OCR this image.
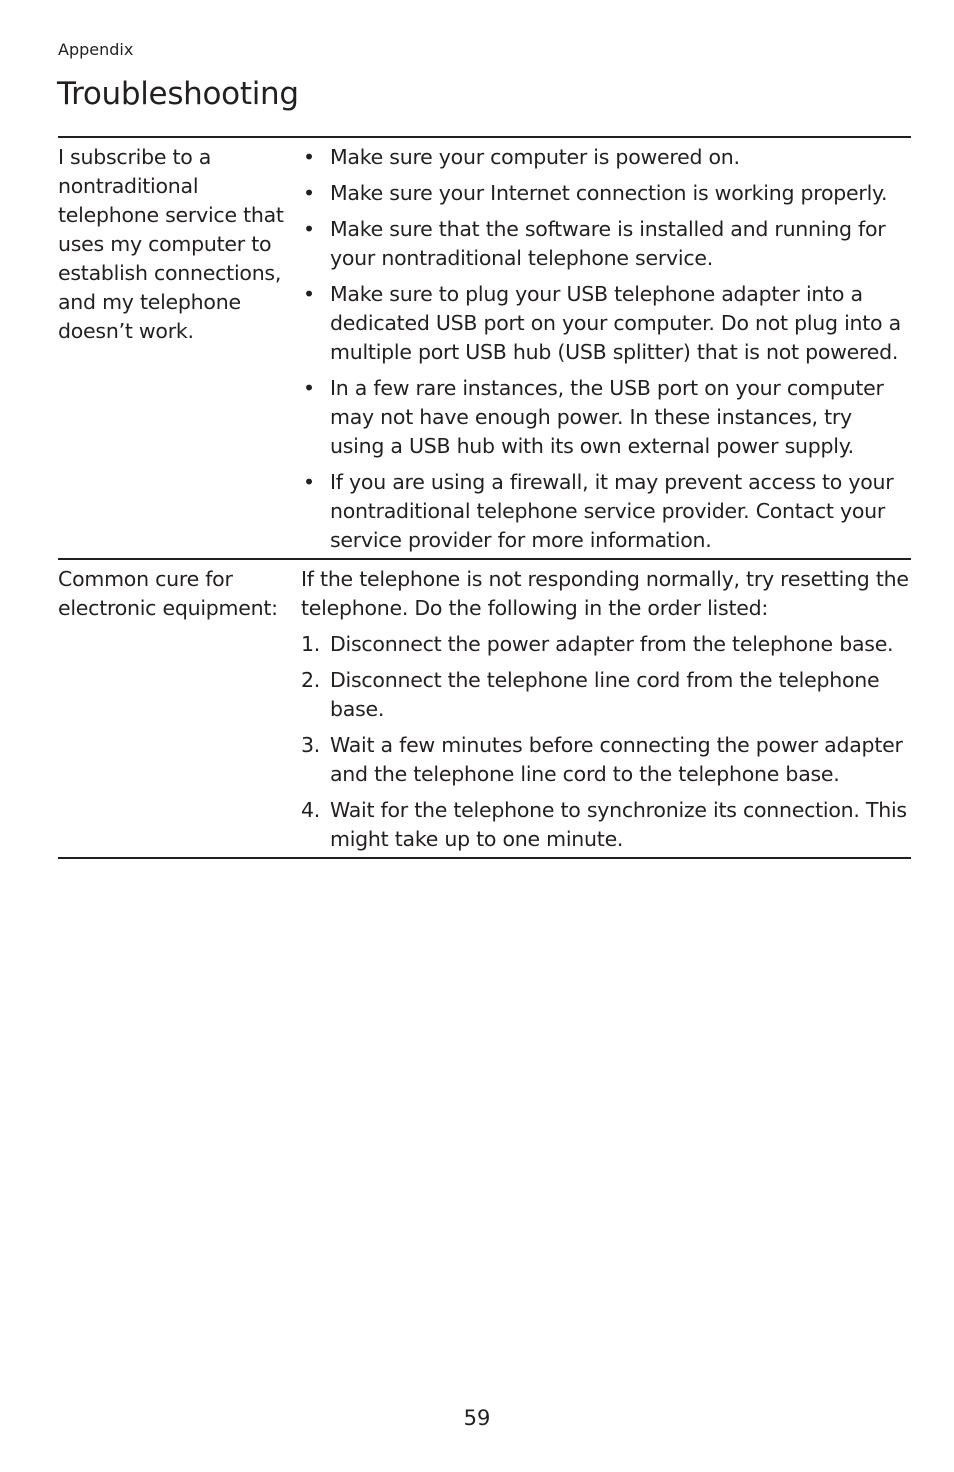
Appendix
Troubleshooting
I subscribe to a nontraditional telephone service that uses my computer to establish connections, and my telephone doesn’t work.
• Make sure your computer is powered on.
• Make sure your Internet connection is working properly.
• Make sure that the software is installed and running for your nontraditional telephone service.
• Make sure to plug your USB telephone adapter into a dedicated USB port on your computer. Do not plug into a multiple port USB hub (USB splitter) that is not powered.
• In a few rare instances, the USB port on your computer may not have enough power. In these instances, try using a USB hub with its own external power supply.
• If you are using a firewall, it may prevent access to your nontraditional telephone service provider. Contact your service provider for more information.
Common cure for electronic equipment:

If the telephone is not responding normally, try resetting the telephone. Do the following in the order listed:

1. Disconnect the power adapter from the telephone base.
2. Disconnect the telephone line cord from the telephone base.
3. Wait a few minutes before connecting the power adapter and the telephone line cord to the telephone base.
4. Wait for the telephone to synchronize its connection. This might take up to one minute.
59
